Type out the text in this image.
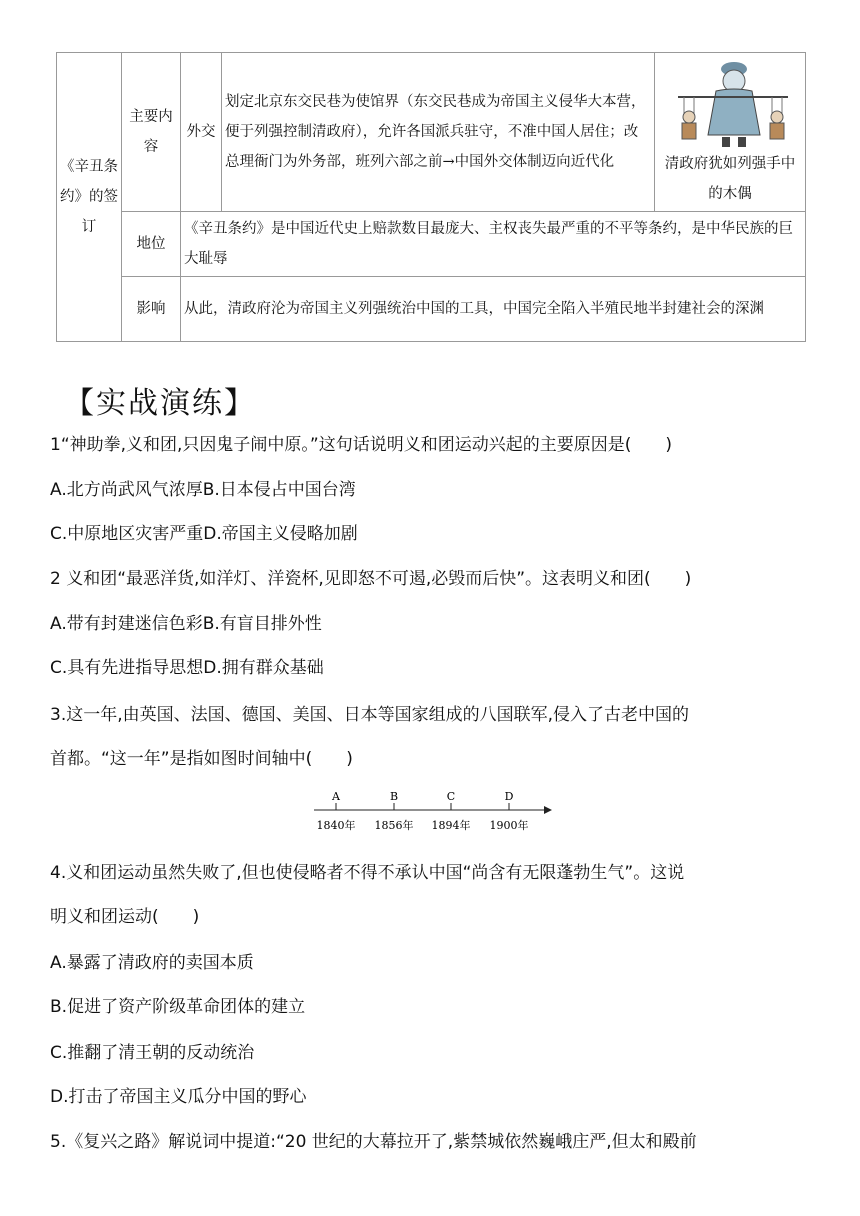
《辛丑条约》的签订	主要内容	外交	划定北京东交民巷为使馆界（东交民巷成为帝国主义侵华大本营，便于列强控制清政府），允许各国派兵驻守，不准中国人居住；改总理衙门为外务部，班列六部之前→中国外交体制迈向近代化	清政府犹如列强手中的木偶

	地位	《辛丑条约》是中国近代史上赔款数目最庞大、主权丧失最严重的不平等条约，是中华民族的巨大耻辱		
	影响	从此，清政府沦为帝国主义列强统治中国的工具，中国完全陷入半殖民地半封建社会的深渊		
【实战演练】
1“神助拳,义和团,只因鬼子闹中原。”这句话说明义和团运动兴起的主要原因是(　　)
A.北方尚武风气浓厚B.日本侵占中国台湾
C.中原地区灾害严重D.帝国主义侵略加剧
2 义和团“最恶洋货,如洋灯、洋瓷杯,见即怒不可遏,必毁而后快”。这表明义和团(　　)
A.带有封建迷信色彩B.有盲目排外性
C.具有先进指导思想D.拥有群众基础
3.这一年,由英国、法国、德国、美国、日本等国家组成的八国联军,侵入了古老中国的
首都。“这一年”是指如图时间轴中(　　)
A	B	C	D
1840年 1856年 1894年 1900年
4.义和团运动虽然失败了,但也使侵略者不得不承认中国“尚含有无限蓬勃生气”。这说
明义和团运动(　　)
A.暴露了清政府的卖国本质
B.促进了资产阶级革命团体的建立
C.推翻了清王朝的反动统治
D.打击了帝国主义瓜分中国的野心
5.《复兴之路》解说词中提道:“20 世纪的大幕拉开了,紫禁城依然巍峨庄严,但太和殿前
